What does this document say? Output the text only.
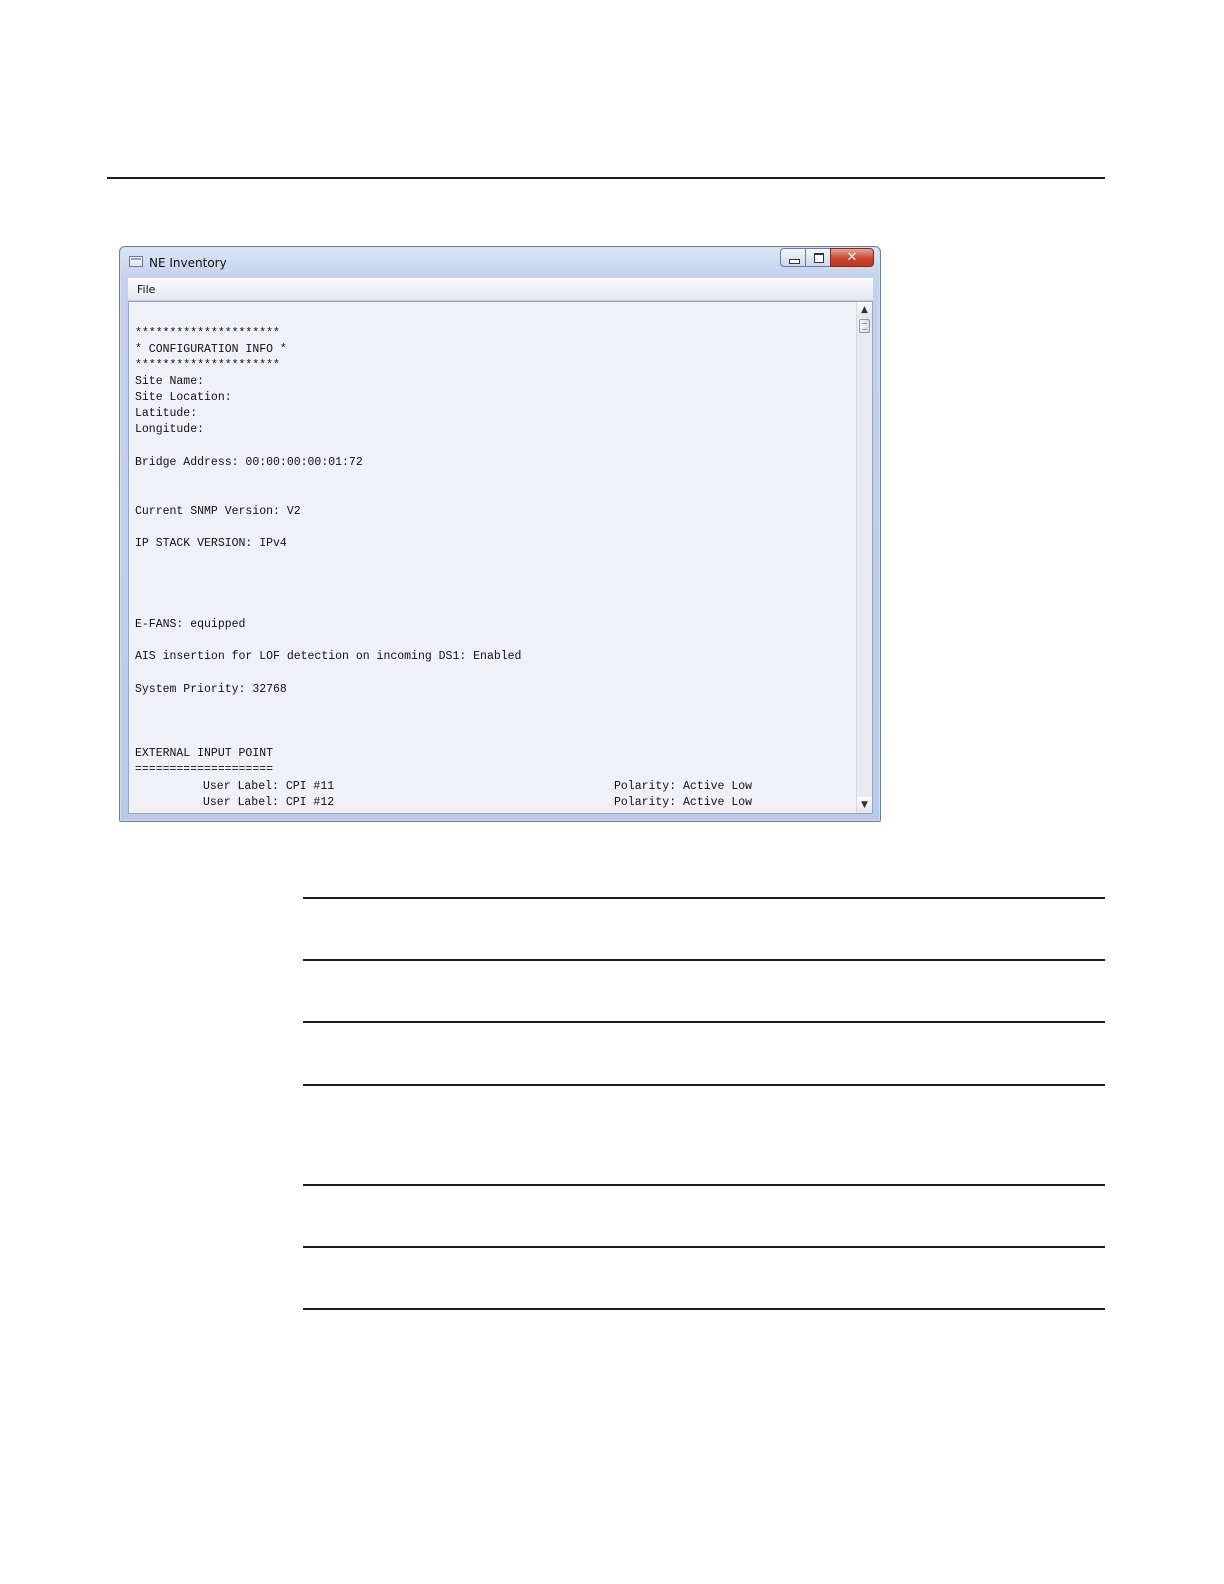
NE Inventory	✕
File
*********************
* CONFIGURATION INFO *
*********************
Site Name:
Site Location:
Latitude:
Longitude:
Bridge Address: 00:00:00:00:01:72
Current SNMP Version: V2
IP STACK VERSION: IPv4
E-FANS: equipped
AIS insertion for LOF detection on incoming DS1: Enabled
System Priority: 32768
EXTERNAL INPUT POINT
====================
User Label: CPI #11	Polarity: Active Low
User Label: CPI #12	Polarity: Active Low
▲
▼
